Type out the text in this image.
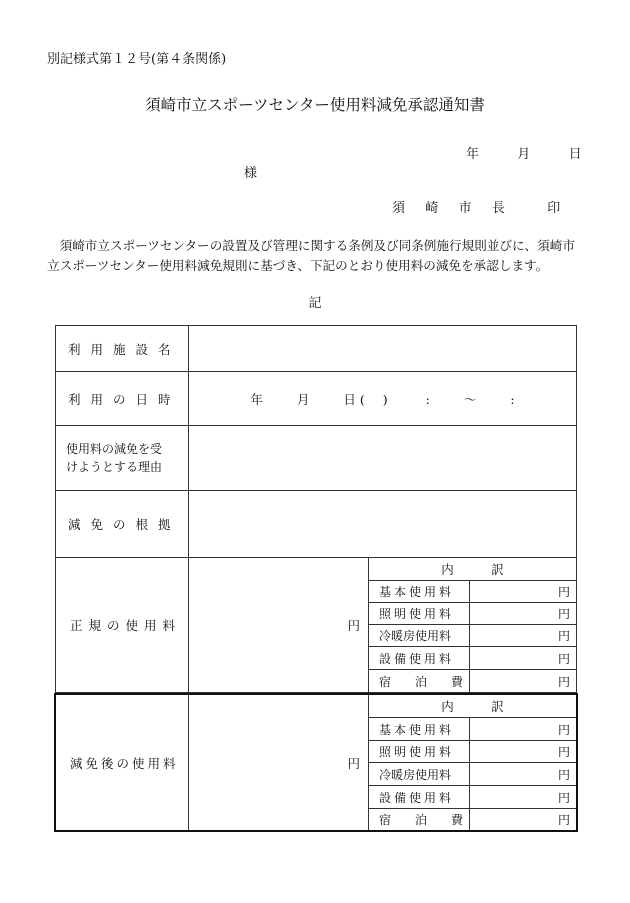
別記様式第１２号(第４条関係)
須崎市立スポーツセンター使用料減免承認通知書
年	月	日
様
須 崎 市 長	印
須崎市立スポーツセンターの設置及び管理に関する条例及び同条例施行規則並びに、須崎市立スポーツセンター使用料減免規則に基づき、下記のとおり使用料の減免を承認します。
記
利用施設名	
利用の日時	年 月 日 ( ) : ～ :

使用料の減免を受
けようとする理由	

減免の根拠	
正規の使用料	円	内　　　訳	
		基本使用料	円
		照明使用料	円
		冷暖房使用料	円
		設備使用料	円
		宿　　泊　　費	円
減免後の使用料	円	内　　　訳	
		基本使用料	円
		照明使用料	円
		冷暖房使用料	円
		設備使用料	円
		宿　　泊　　費	円
